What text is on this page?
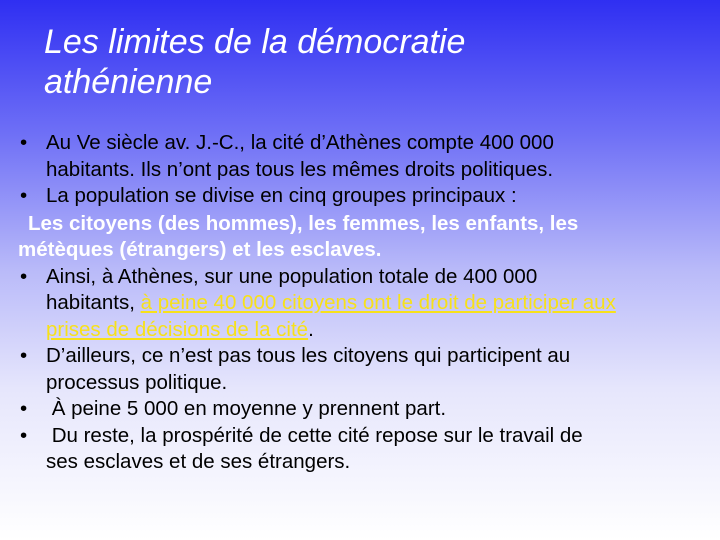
Les limites de la démocratie
athénienne
• Au Ve siècle av. J.-C., la cité d’Athènes compte 400 000
habitants. Ils n’ont pas tous les mêmes droits politiques.
• La population se divise en cinq groupes principaux :
Les citoyens (des hommes), les femmes, les enfants, les
métèques (étrangers) et les esclaves.
• Ainsi, à Athènes, sur une population totale de 400 000
habitants, à peine 40 000 citoyens ont le droit de participer aux
prises de décisions de la cité.
• D’ailleurs, ce n’est pas tous les citoyens qui participent au
processus politique.
• À peine 5 000 en moyenne y prennent part.
• Du reste, la prospérité de cette cité repose sur le travail de
ses esclaves et de ses étrangers.
